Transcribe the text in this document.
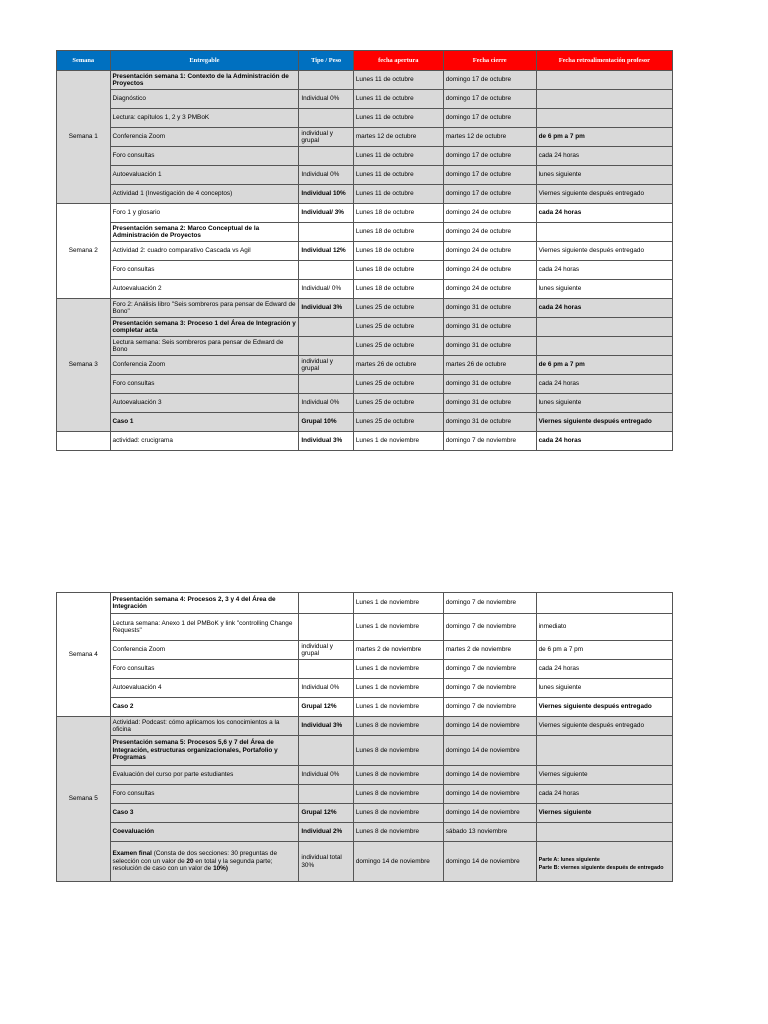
Semana	Entregable	Tipo / Peso	fecha apertura	Fecha cierre	Fecha retroalimentación profesor
Semana 1	Presentación semana 1: Contexto de la Administración de Proyectos		Lunes 11 de octubre	domingo 17 de octubre	
	Diagnóstico	Individual 0%	Lunes 11 de octubre	domingo 17 de octubre	
	Lectura: capítulos 1, 2 y 3 PMBoK		Lunes 11 de octubre	domingo 17 de octubre	
	Conferencia Zoom	individual y grupal	martes 12 de octubre	martes 12 de octubre	de 6 pm a 7 pm
	Foro consultas		Lunes 11 de octubre	domingo 17 de octubre	cada 24 horas
	Autoevaluación 1	Individual 0%	Lunes 11 de octubre	domingo 17 de octubre	lunes siguiente
	Actividad 1 (Investigación de 4 conceptos)	Individual 10%	Lunes 11 de octubre	domingo 17 de octubre	Viernes siguiente después entregado
Semana 2	Foro 1 y glosario	Individual/ 3%	Lunes 18 de octubre	domingo 24 de octubre	cada 24 horas
	Presentación semana 2: Marco Conceptual de la Administración de Proyectos		Lunes 18 de octubre	domingo 24 de octubre	
	Actividad 2: cuadro comparativo Cascada vs Agil	Individual 12%	Lunes 18 de octubre	domingo 24 de octubre	Viernes siguiente después entregado
	Foro consultas		Lunes 18 de octubre	domingo 24 de octubre	cada 24 horas
	Autoevaluación 2	Individual/ 0%	Lunes 18 de octubre	domingo 24 de octubre	lunes siguiente
Semana 3	Foro 2: Análisis libro "Seis sombreros para pensar de Edward de Bono"	Individual 3%	Lunes 25 de octubre	domingo 31 de octubre	cada 24 horas
	Presentación semana 3: Proceso 1 del Área de Integración y completar acta		Lunes 25 de octubre	domingo 31 de octubre	
	Lectura semana: Seis sombreros para pensar de Edward de Bono		Lunes 25 de octubre	domingo 31 de octubre	
	Conferencia Zoom	individual y grupal	martes 26 de octubre	martes 26 de octubre	de 6 pm a 7 pm
	Foro consultas		Lunes 25 de octubre	domingo 31 de octubre	cada 24 horas
	Autoevaluación 3	Individual 0%	Lunes 25 de octubre	domingo 31 de octubre	lunes siguiente
	Caso 1	Grupal 10%	Lunes 25 de octubre	domingo 31 de octubre	Viernes siguiente después entregado
	actividad: crucigrama	Individual 3%	Lunes 1 de noviembre	domingo 7 de noviembre	cada 24 horas
Semana 4	Presentación semana 4: Procesos 2, 3 y 4 del Área de Integración		Lunes 1 de noviembre	domingo 7 de noviembre	
	Lectura semana: Anexo 1 del PMBoK y link "controlling Change Requests"		Lunes 1 de noviembre	domingo 7 de noviembre	inmediato
	Conferencia Zoom	individual y grupal	martes 2 de noviembre	martes 2 de noviembre	de 6 pm a 7 pm
	Foro consultas		Lunes 1 de noviembre	domingo 7 de noviembre	cada 24 horas
	Autoevaluación 4	Individual 0%	Lunes 1 de noviembre	domingo 7 de noviembre	lunes siguiente
	Caso 2	Grupal 12%	Lunes 1 de noviembre	domingo 7 de noviembre	Viernes siguiente después entregado
Semana 5	Actividad: Podcast: cómo aplicamos los conocimientos a la oficina	Individual 3%	Lunes 8 de noviembre	domingo 14 de noviembre	Viernes siguiente después entregado
	Presentación semana 5: Procesos 5,6 y 7 del Área de Integración, estructuras organizacionales, Portafolio y Programas		Lunes 8 de noviembre	domingo 14 de noviembre	
	Evaluación del curso por parte estudiantes	Individual 0%	Lunes 8 de noviembre	domingo 14 de noviembre	Viernes siguiente
	Foro consultas		Lunes 8 de noviembre	domingo 14 de noviembre	cada 24 horas
	Caso 3	Grupal 12%	Lunes 8 de noviembre	domingo 14 de noviembre	Viernes siguiente
	Coevaluación	Individual 2%	Lunes 8 de noviembre	sábado 13 noviembre	
	Examen final (Consta de dos secciones: 30 preguntas de selección con un valor de 20 en total y la segunda parte; resolución de caso con un valor de 10%)	individual total 30%	domingo 14 de noviembre	domingo 14 de noviembre	Parte A: lunes siguiente
Parte B: viernes siguiente después de entregado
